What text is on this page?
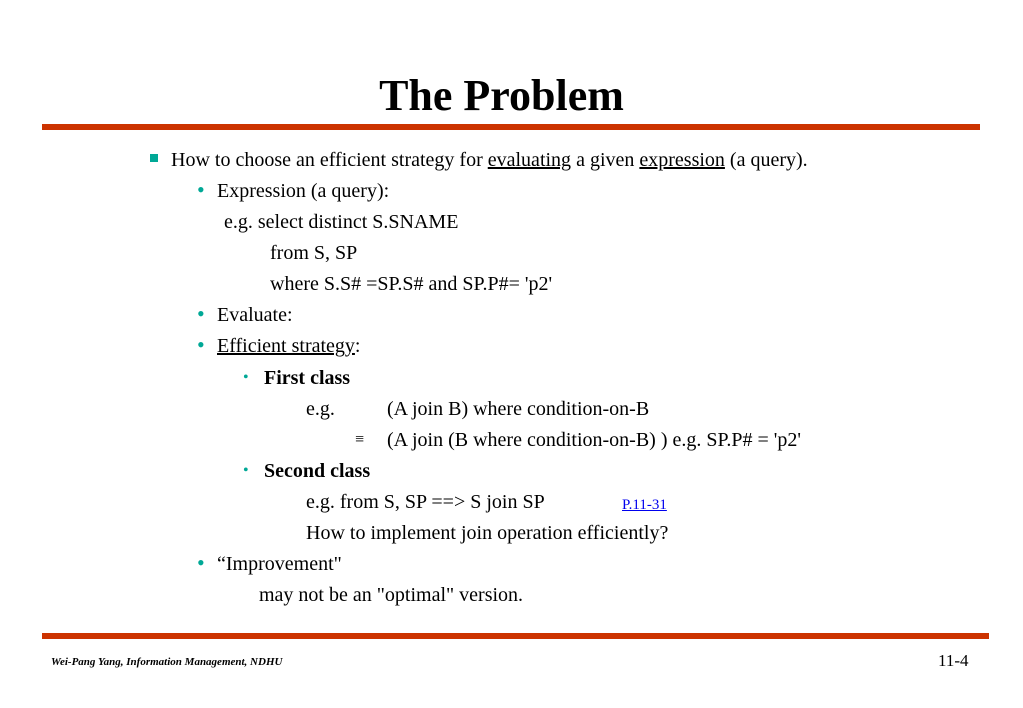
The Problem
How to choose an efficient strategy for evaluating a given expression (a query).
• Expression (a query):
e.g. select distinct S.SNAME
from S, SP
where S.S# =SP.S# and SP.P#= 'p2'
• Evaluate:
• Efficient strategy:
• First class
e.g.	(A join B) where condition-on-B
≡ (A join (B where condition-on-B) ) e.g. SP.P# = 'p2'
• Second class
e.g. from S, SP ==> S join SP	P.11-31
How to implement join operation efficiently?
• “Improvement"
may not be an "optimal" version.
Wei-Pang Yang, Information Management, NDHU	11-4
